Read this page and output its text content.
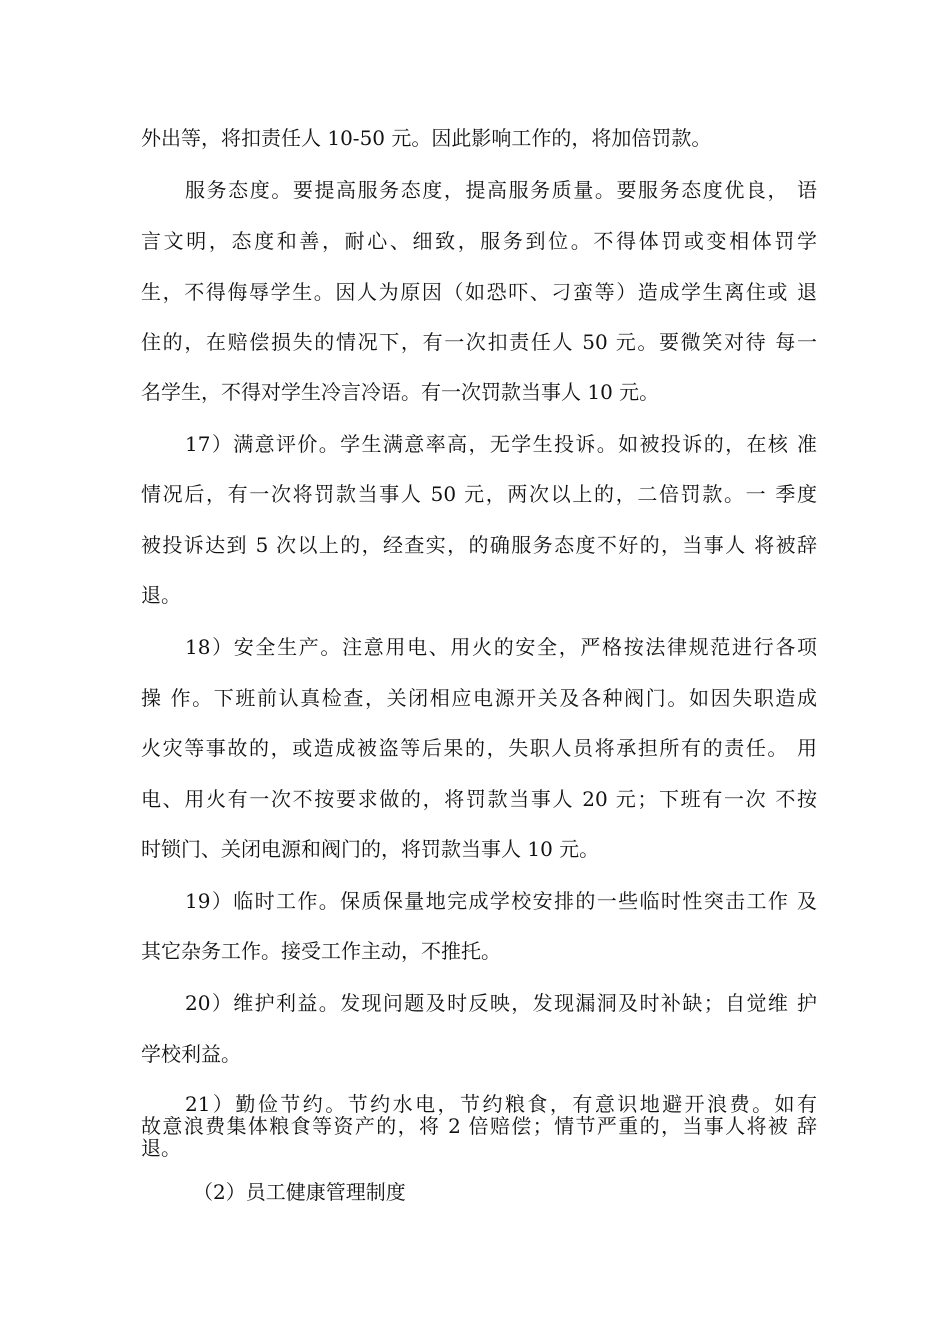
外出等，将扣责任人 10-50 元。因此影响工作的，将加倍罚款。
服务态度。要提高服务态度，提高服务质量。要服务态度优良， 语
言文明，态度和善，耐心、细致，服务到位。不得体罚或变相体罚学
生，不得侮辱学生。因人为原因（如恐吓、刁蛮等）造成学生离住或 退
住的，在赔偿损失的情况下，有一次扣责任人 50 元。要微笑对待 每一
名学生，不得对学生冷言冷语。有一次罚款当事人 10 元。
17）满意评价。学生满意率高，无学生投诉。如被投诉的，在核 准
情况后，有一次将罚款当事人 50 元，两次以上的，二倍罚款。一 季度
被投诉达到 5 次以上的，经查实，的确服务态度不好的，当事人 将被辞
退。
18）安全生产。注意用电、用火的安全，严格按法律规范进行各项
操 作。下班前认真检查，关闭相应电源开关及各种阀门。如因失职造成
火灾等事故的，或造成被盗等后果的，失职人员将承担所有的责任。 用
电、用火有一次不按要求做的，将罚款当事人 20 元；下班有一次 不按
时锁门、关闭电源和阀门的，将罚款当事人 10 元。
19）临时工作。保质保量地完成学校安排的一些临时性突击工作 及
其它杂务工作。接受工作主动，不推托。
20）维护利益。发现问题及时反映，发现漏洞及时补缺；自觉维 护
学校利益。
21）勤俭节约。节约水电，节约粮食，有意识地避开浪费。如有
故意浪费集体粮食等资产的，将 2 倍赔偿；情节严重的，当事人将被 辞
退。
（2）员工健康管理制度
